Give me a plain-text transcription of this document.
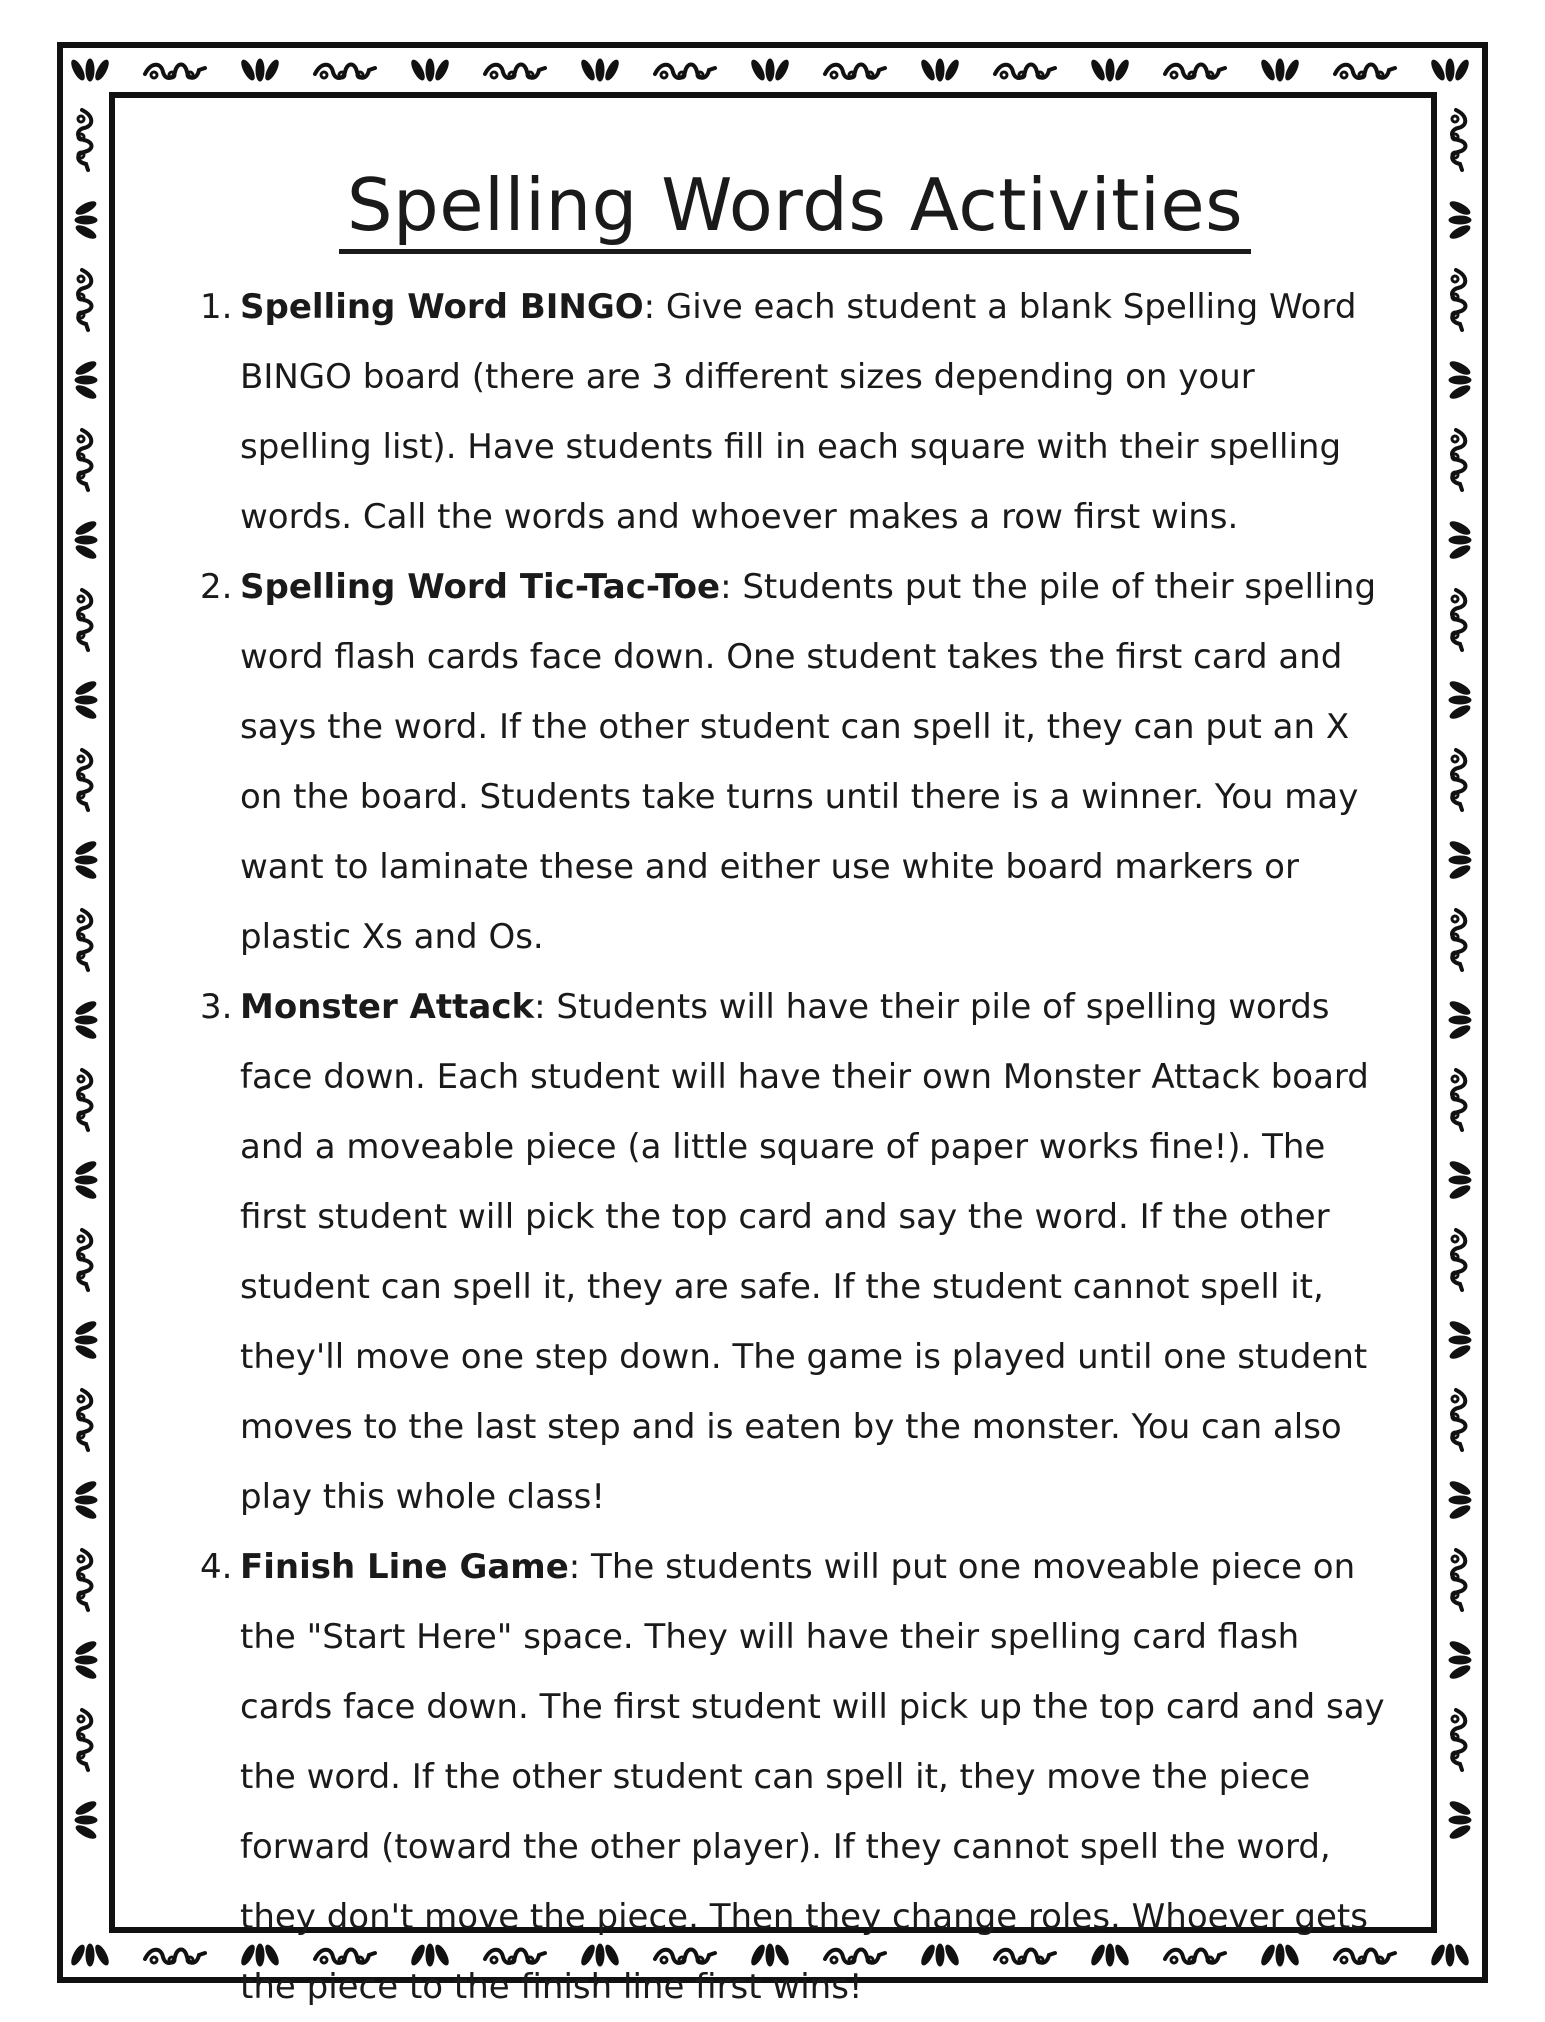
Spelling Words Activities
1. Spelling Word BINGO: Give each student a blank Spelling Word BINGO board (there are 3 different sizes depending on your spelling list). Have students fill in each square with their spelling words. Call the words and whoever makes a row first wins.
2. Spelling Word Tic-Tac-Toe: Students put the pile of their spelling word flash cards face down. One student takes the first card and says the word. If the other student can spell it, they can put an X on the board. Students take turns until there is a winner. You may want to laminate these and either use white board markers or plastic Xs and Os.
3. Monster Attack: Students will have their pile of spelling words face down. Each student will have their own Monster Attack board and a moveable piece (a little square of paper works fine!). The first student will pick the top card and say the word. If the other student can spell it, they are safe. If the student cannot spell it, they'll move one step down. The game is played until one student moves to the last step and is eaten by the monster. You can also play this whole class!
4. Finish Line Game: The students will put one moveable piece on the "Start Here" space. They will have their spelling card flash cards face down. The first student will pick up the top card and say the word. If the other student can spell it, they move the piece forward (toward the other player). If they cannot spell the word, they don't move the piece. Then they change roles. Whoever gets the piece to the finish line first wins!
